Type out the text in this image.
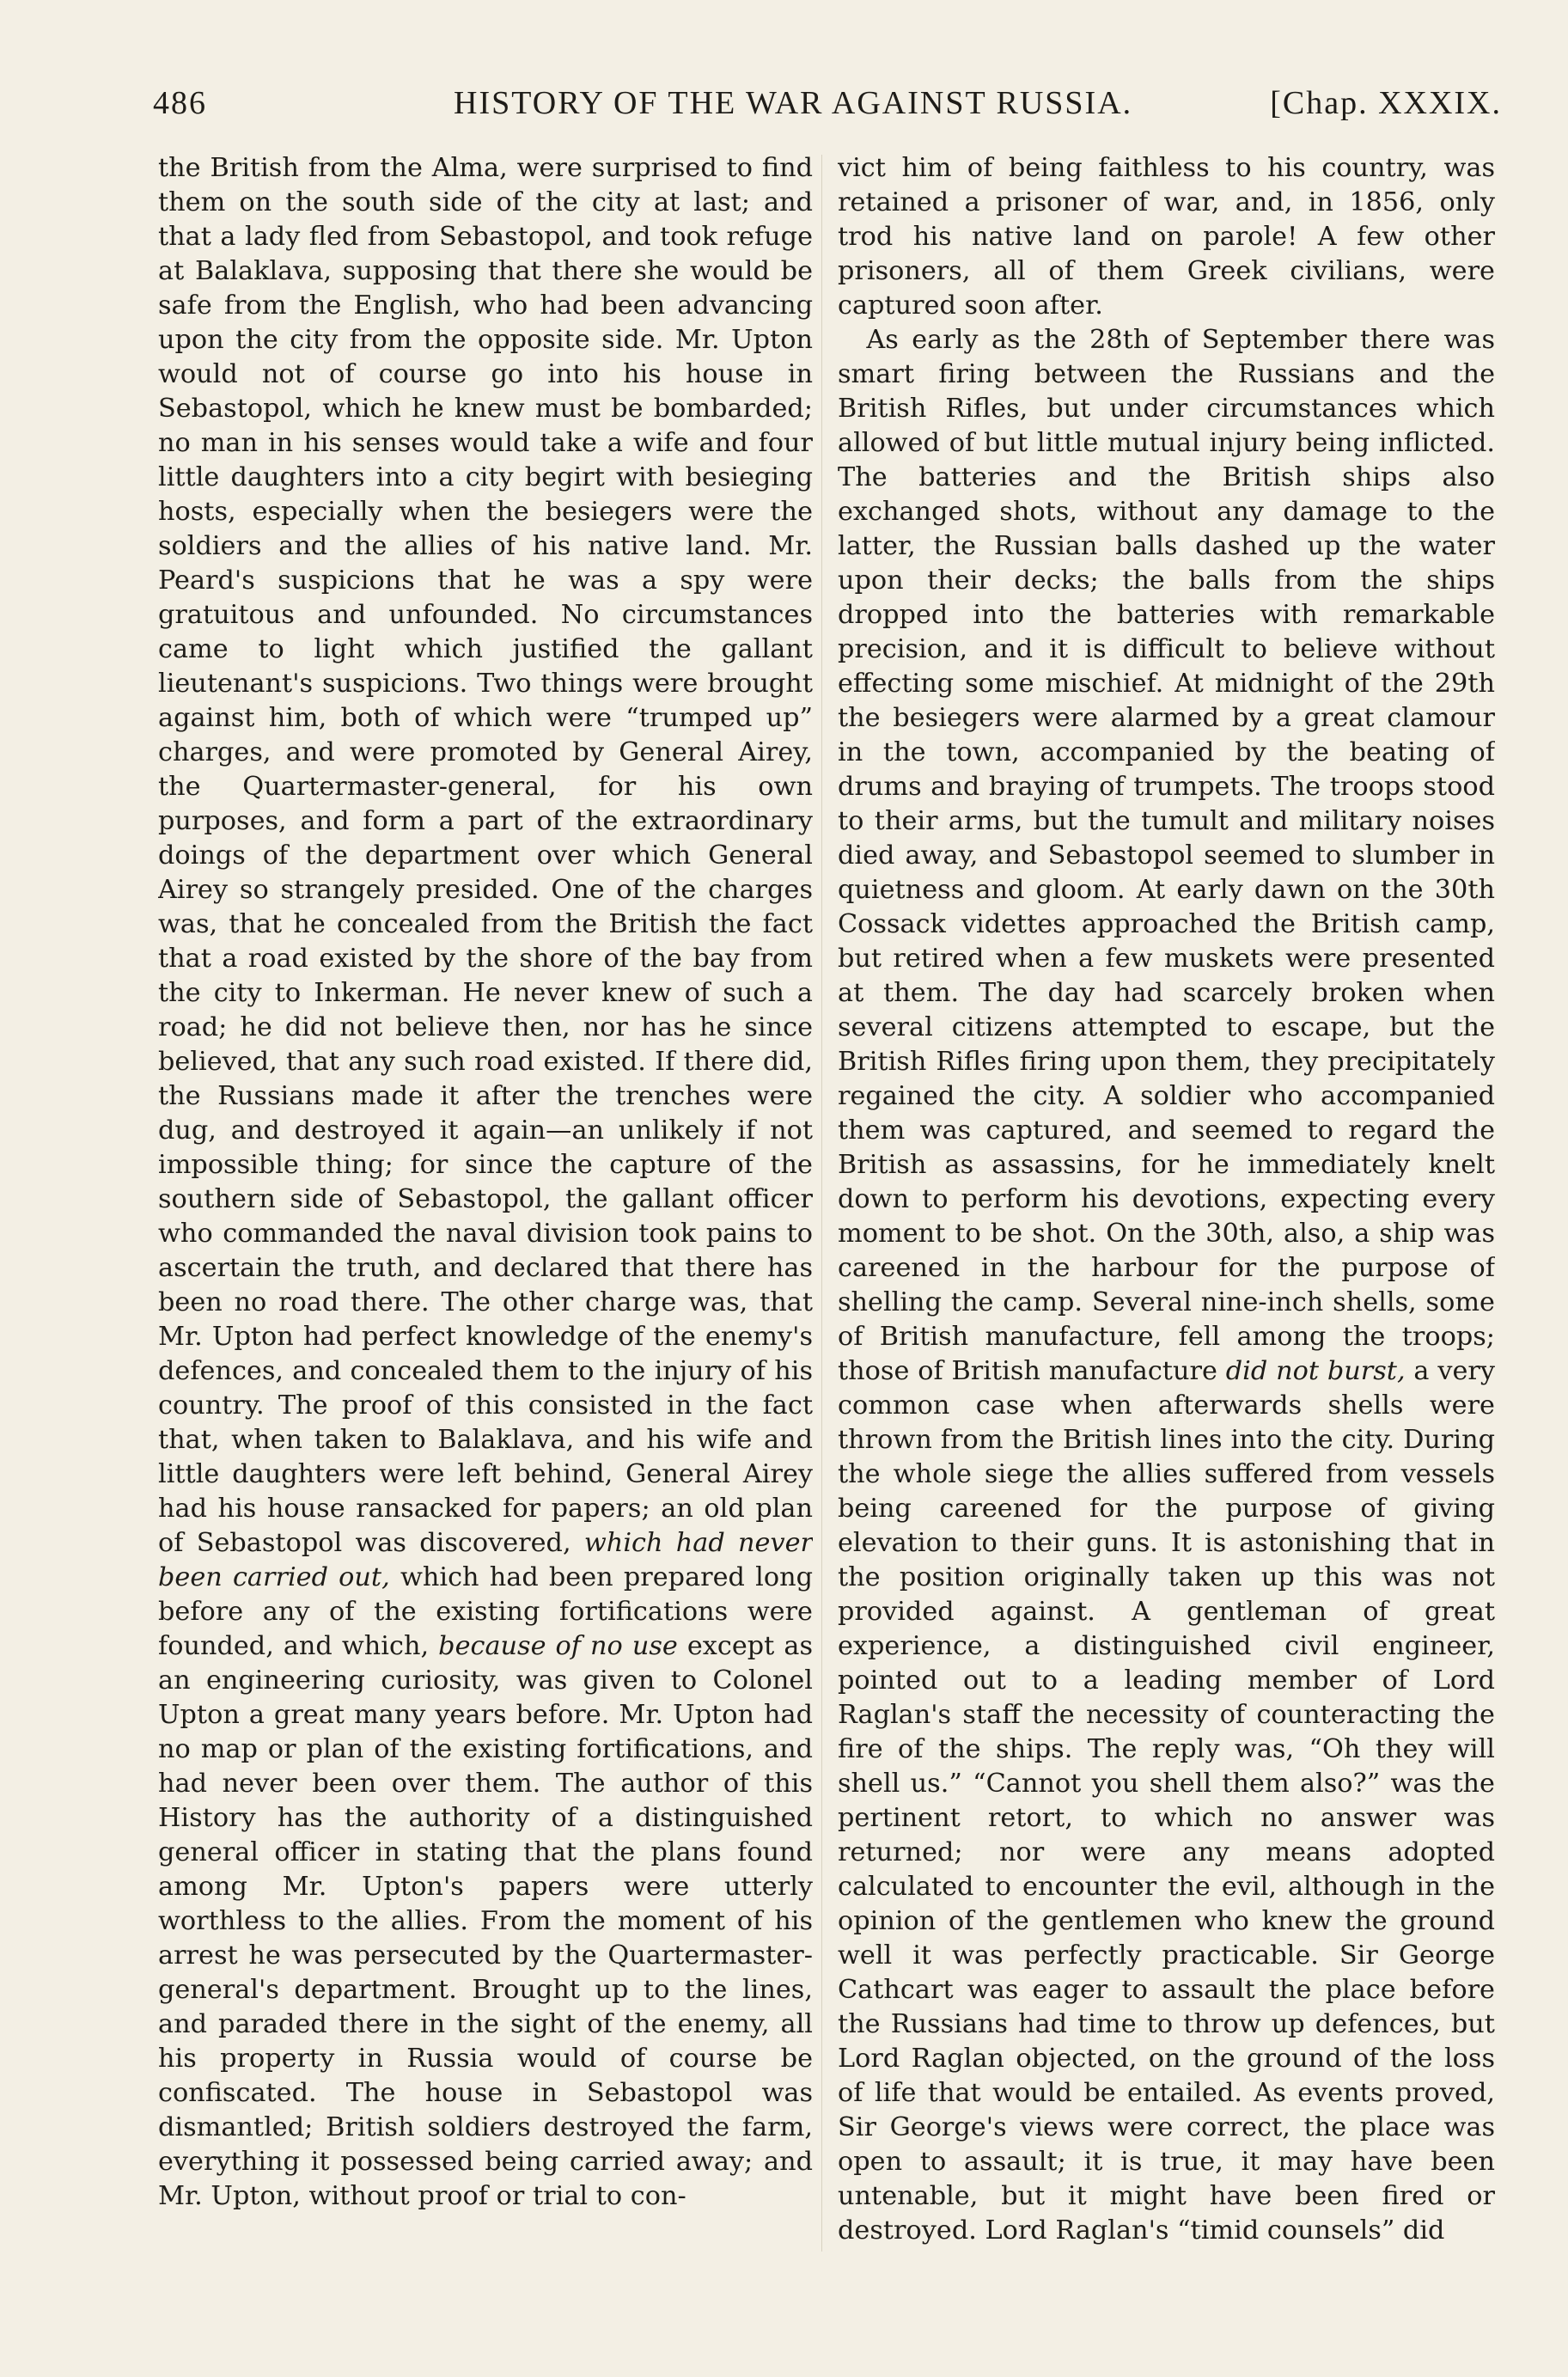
486	HISTORY OF THE WAR AGAINST RUSSIA.	[Chap. XXXIX.

the British from the Alma, were surprised to find them on the south side of the city at last; and that a lady fled from Sebastopol, and took refuge at Balaklava, supposing that there she would be safe from the English, who had been advancing upon the city from the opposite side. Mr. Upton would not of course go into his house in Sebastopol, which he knew must be bombarded; no man in his senses would take a wife and four little daughters into a city begirt with besieging hosts, especially when the besiegers were the soldiers and the allies of his native land. Mr. Peard's suspicions that he was a spy were gratuitous and unfounded. No circumstances came to light which justified the gallant lieutenant's suspicions. Two things were brought against him, both of which were “trumped up” charges, and were promoted by General Airey, the Quartermaster-general, for his own purposes, and form a part of the extraordinary doings of the department over which General Airey so strangely presided. One of the charges was, that he concealed from the British the fact that a road existed by the shore of the bay from the city to Inkerman. He never knew of such a road; he did not believe then, nor has he since believed, that any such road existed. If there did, the Russians made it after the trenches were dug, and destroyed it again—an unlikely if not impossible thing; for since the capture of the southern side of Sebastopol, the gallant officer who commanded the naval division took pains to ascertain the truth, and declared that there has been no road there. The other charge was, that Mr. Upton had perfect knowledge of the enemy's defences, and concealed them to the injury of his country. The proof of this consisted in the fact that, when taken to Balaklava, and his wife and little daughters were left behind, General Airey had his house ransacked for papers; an old plan of Sebastopol was discovered, which had never been carried out, which had been prepared long before any of the existing fortifications were founded, and which, because of no use except as an engineering curiosity, was given to Colonel Upton a great many years before. Mr. Upton had no map or plan of the existing fortifications, and had never been over them. The author of this History has the authority of a distinguished general officer in stating that the plans found among Mr. Upton's papers were utterly worthless to the allies. From the moment of his arrest he was persecuted by the Quartermaster-general's department. Brought up to the lines, and paraded there in the sight of the enemy, all his property in Russia would of course be confiscated. The house in Sebastopol was dismantled; British soldiers destroyed the farm, everything it possessed being carried away; and Mr. Upton, without proof or trial to con-

vict him of being faithless to his country, was retained a prisoner of war, and, in 1856, only trod his native land on parole! A few other prisoners, all of them Greek civilians, were captured soon after.

As early as the 28th of September there was smart firing between the Russians and the British Rifles, but under circumstances which allowed of but little mutual injury being inflicted. The batteries and the British ships also exchanged shots, without any damage to the latter, the Russian balls dashed up the water upon their decks; the balls from the ships dropped into the batteries with remarkable precision, and it is difficult to believe without effecting some mischief. At midnight of the 29th the besiegers were alarmed by a great clamour in the town, accompanied by the beating of drums and braying of trumpets. The troops stood to their arms, but the tumult and military noises died away, and Sebastopol seemed to slumber in quietness and gloom. At early dawn on the 30th Cossack videttes approached the British camp, but retired when a few muskets were presented at them. The day had scarcely broken when several citizens attempted to escape, but the British Rifles firing upon them, they precipitately regained the city. A soldier who accompanied them was captured, and seemed to regard the British as assassins, for he immediately knelt down to perform his devotions, expecting every moment to be shot. On the 30th, also, a ship was careened in the harbour for the purpose of shelling the camp. Several nine-inch shells, some of British manufacture, fell among the troops; those of British manufacture did not burst, a very common case when afterwards shells were thrown from the British lines into the city. During the whole siege the allies suffered from vessels being careened for the purpose of giving elevation to their guns. It is astonishing that in the position originally taken up this was not provided against. A gentleman of great experience, a distinguished civil engineer, pointed out to a leading member of Lord Raglan's staff the necessity of counteracting the fire of the ships. The reply was, “Oh they will shell us.” “Cannot you shell them also?” was the pertinent retort, to which no answer was returned; nor were any means adopted calculated to encounter the evil, although in the opinion of the gentlemen who knew the ground well it was perfectly practicable. Sir George Cathcart was eager to assault the place before the Russians had time to throw up defences, but Lord Raglan objected, on the ground of the loss of life that would be entailed. As events proved, Sir George's views were correct, the place was open to assault; it is true, it may have been untenable, but it might have been fired or destroyed. Lord Raglan's “timid counsels” did
